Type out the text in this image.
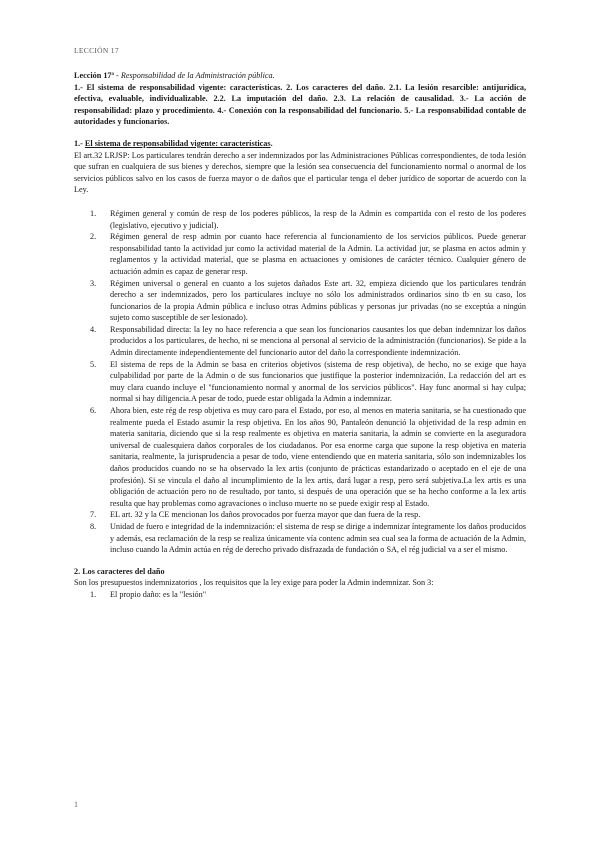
LECCIÓN 17

Lección 17ª - Responsabilidad de la Administración pública.

1.- El sistema de responsabilidad vigente: características. 2. Los caracteres del daño. 2.1. La lesión resarcible: antijurídica, efectiva, evaluable, individualizable. 2.2. La imputación del daño. 2.3. La relación de causalidad. 3.- La acción de responsabilidad: plazo y procedimiento. 4.- Conexión con la responsabilidad del funcionario. 5.- La responsabilidad contable de autoridades y funcionarios.

1.- El sistema de responsabilidad vigente: características.

El art.32 LRJSP: Los particulares tendrán derecho a ser indemnizados por las Administraciones Públicas correspondientes, de toda lesión que sufran en cualquiera de sus bienes y derechos, siempre que la lesión sea consecuencia del funcionamiento normal o anormal de los servicios públicos salvo en los casos de fuerza mayor o de daños que el particular tenga el deber jurídico de soportar de acuerdo con la Ley.

1. Régimen general y común de resp de los poderes públicos, la resp de la Admin es compartida con el resto de los poderes (legislativo, ejecutivo y judicial).
2. Régimen general de resp admin por cuanto hace referencia al funcionamiento de los servicios públicos. Puede generar responsabilidad tanto la actividad jur como la actividad material de la Admin. La actividad jur, se plasma en actos admin y reglamentos y la actividad material, que se plasma en actuaciones y omisiones de carácter técnico. Cualquier género de actuación admin es capaz de generar resp.
3. Régimen universal o general en cuanto a los sujetos dañados Este art. 32, empieza diciendo que los particulares tendrán derecho a ser indemnizados, pero los particulares incluye no sólo los administrados ordinarios sino tb en su caso, los funcionarios de la propia Admin pública e incluso otras Admins públicas y personas jur privadas (no se exceptúa a ningún sujeto como susceptible de ser lesionado).
4. Responsabilidad directa: la ley no hace referencia a que sean los funcionarios causantes los que deban indemnizar los daños producidos a los particulares, de hecho, ni se menciona al personal al servicio de la administración (funcionarios). Se pide a la Admin directamente independientemente del funcionario autor del daño la correspondiente indemnización.
5. El sistema de reps de la Admin se basa en criterios objetivos (sistema de resp objetiva), de hecho, no se exige que haya culpabilidad por parte de la Admin o de sus funcionarios que justifique la posterior indemnización. La redacción del art es muy clara cuando incluye el "funcionamiento normal y anormal de los servicios públicos". Hay func anormal si hay culpa; normal si hay diligencia.A pesar de todo, puede estar obligada la Admin a indemnizar.
6. Ahora bien, este rég de resp objetiva es muy caro para el Estado, por eso, al menos en materia sanitaria, se ha cuestionado que realmente pueda el Estado asumir la resp objetiva. En los años 90, Pantaleón denunció la objetividad de la resp admin en materia sanitaria, diciendo que si la resp realmente es objetiva en materia sanitaria, la admin se convierte en la aseguradora universal de cualesquiera daños corporales de los ciudadanos. Por esa enorme carga que supone la resp objetiva en materia sanitaria, realmente, la jurisprudencia a pesar de todo, viene entendiendo que en materia sanitaria, sólo son indemnizables los daños producidos cuando no se ha observado la lex artis (conjunto de prácticas estandarizado o aceptado en el eje de una profesión). Si se vincula el daño al incumplimiento de la lex artis, dará lugar a resp, pero será subjetiva.La lex artis es una obligación de actuación pero no de resultado, por tanto, si después de una operación que se ha hecho conforme a la lex artis resulta que hay problemas como agravaciones o incluso muerte no se puede exigir resp al Estado.
7. EL art. 32 y la CE mencionan los daños provocados por fuerza mayor que dan fuera de la resp.
8. Unidad de fuero e integridad de la indemnización: el sistema de resp se dirige a indemnizar íntegramente los daños producidos y además, esa reclamación de la resp se realiza únicamente vía contenc admin sea cual sea la forma de actuación de la Admin, incluso cuando la Admin actúa en rég de derecho privado disfrazada de fundación o SA, el rég judicial va a ser el mismo.

2. Los caracteres del daño

Son los presupuestos indemnizatorios , los requisitos que la ley exige para poder la Admin indemnizar. Son 3:

1. El propio daño: es la "lesión"
1
